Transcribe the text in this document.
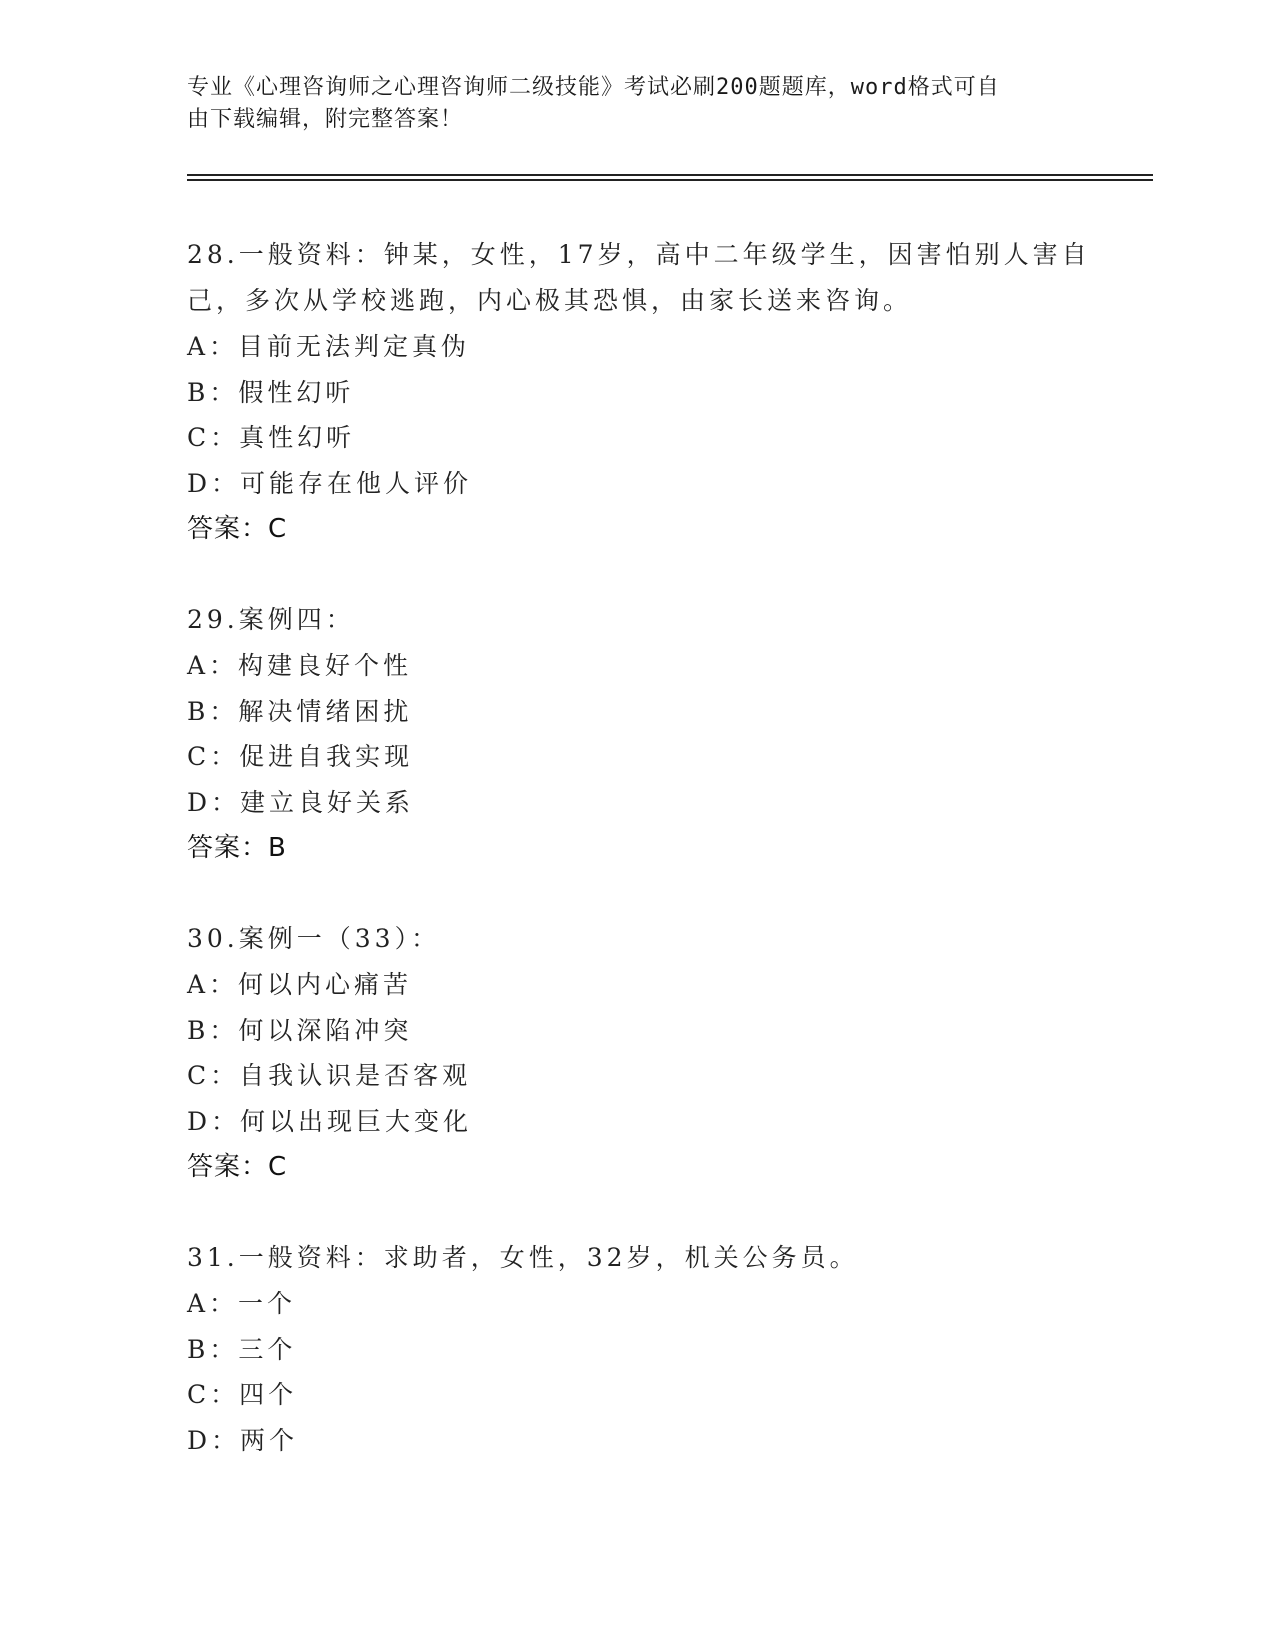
专业《心理咨询师之心理咨询师二级技能》考试必刷200题题库，word格式可自
由下载编辑，附完整答案！
28.一般资料：钟某，女性，17岁，高中二年级学生，因害怕别人害自
己，多次从学校逃跑，内心极其恐惧，由家长送来咨询。
A：目前无法判定真伪
B：假性幻听
C：真性幻听
D：可能存在他人评价
答案：C
29.案例四：
A：构建良好个性
B：解决情绪困扰
C：促进自我实现
D：建立良好关系
答案：B
30.案例一（33）：
A：何以内心痛苦
B：何以深陷冲突
C：自我认识是否客观
D：何以出现巨大变化
答案：C
31.一般资料：求助者，女性，32岁，机关公务员。
A：一个
B：三个
C：四个
D：两个
